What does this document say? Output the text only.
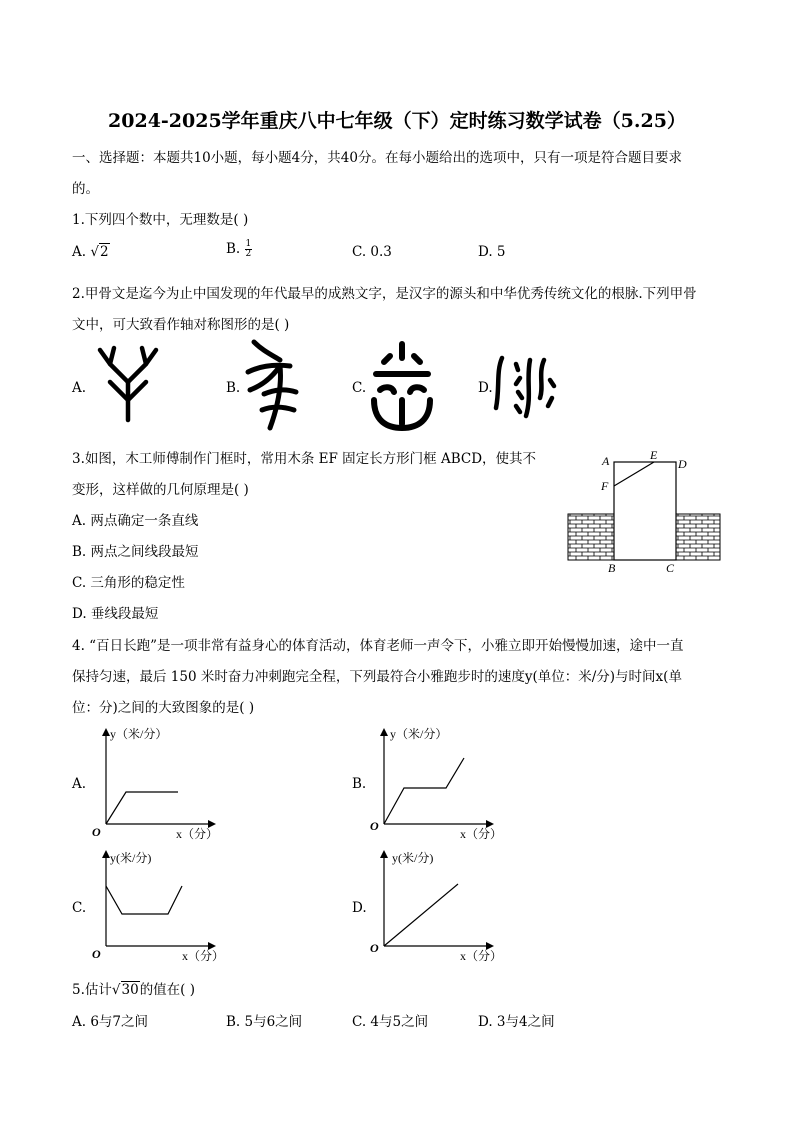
2024-2025学年重庆八中七年级（下）定时练习数学试卷（5.25）
一、选择题：本题共10小题，每小题4分，共40分。在每小题给出的选项中，只有一项是符合题目要求
的。
1.下列四个数中，无理数是( )
A. √2	B. $\frac{1}{2}$	C. 0.3	D. 5
2.甲骨文是迄今为止中国发现的年代最早的成熟文字，是汉字的源头和中华优秀传统文化的根脉.下列甲骨
文中，可大致看作轴对称图形的是( )
A.	B.	C.	D.
3.如图，木工师傅制作门框时，常用木条 EF 固定长方形门框 ABCD，使其不
变形，这样做的几何原理是( )
A. 两点确定一条直线
B. 两点之间线段最短
C. 三角形的稳定性
D. 垂线段最短
A	E
D
F
B	C
4. “百日长跑”是一项非常有益身心的体育活动，体育老师一声令下，小雅立即开始慢慢加速，途中一直
保持匀速，最后 150 米时奋力冲刺跑完全程，下列最符合小雅跑步时的速度y(单位：米/分)与时间x(单
位：分)之间的大致图象的是( )
A.
y（米/分）
O	x（分）
B.
y（米/分）
O
x（分）
C.
y(米/分)
O	x（分）
D.
y(米/分)
O
x（分）
5.估计√30的值在( )
A. 6与7之间	B. 5与6之间	C. 4与5之间	D. 3与4之间
